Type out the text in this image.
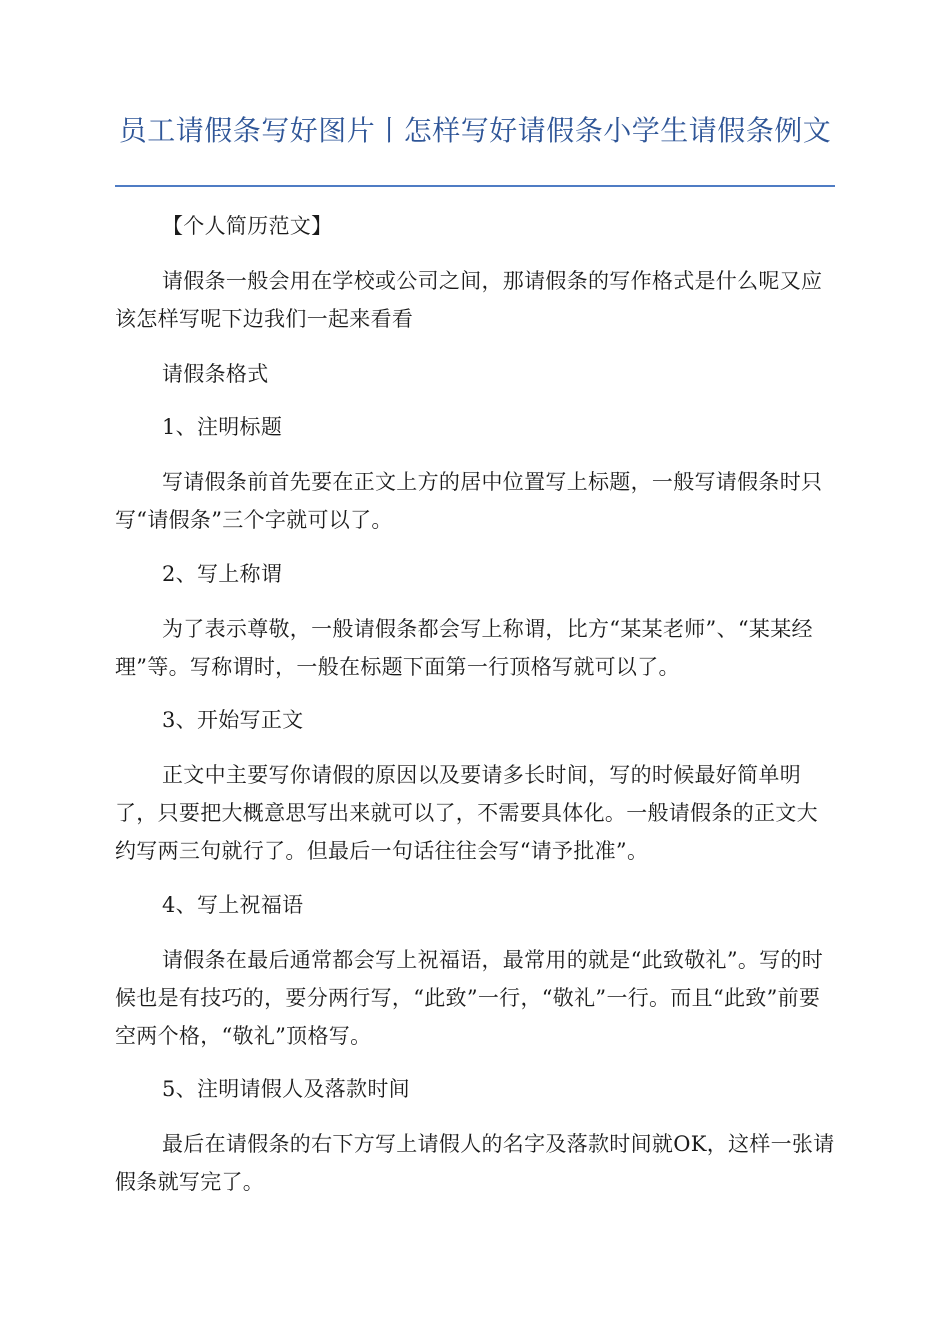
员工请假条写好图片丨怎样写好请假条小学生请假条例文

【个人简历范文】

请假条一般会用在学校或公司之间，那请假条的写作格式是什么呢又应该怎样写呢下边我们一起来看看

请假条格式

1、注明标题

写请假条前首先要在正文上方的居中位置写上标题，一般写请假条时只写“请假条”三个字就可以了。

2、写上称谓

为了表示尊敬，一般请假条都会写上称谓，比方“某某老师”、“某某经理”等。写称谓时，一般在标题下面第一行顶格写就可以了。

3、开始写正文

正文中主要写你请假的原因以及要请多长时间，写的时候最好简单明了，只要把大概意思写出来就可以了，不需要具体化。一般请假条的正文大约写两三句就行了。但最后一句话往往会写“请予批准”。

4、写上祝福语

请假条在最后通常都会写上祝福语，最常用的就是“此致敬礼”。写的时候也是有技巧的，要分两行写，“此致”一行，“敬礼”一行。而且“此致”前要空两个格，“敬礼”顶格写。

5、注明请假人及落款时间

最后在请假条的右下方写上请假人的名字及落款时间就OK，这样一张请假条就写完了。
